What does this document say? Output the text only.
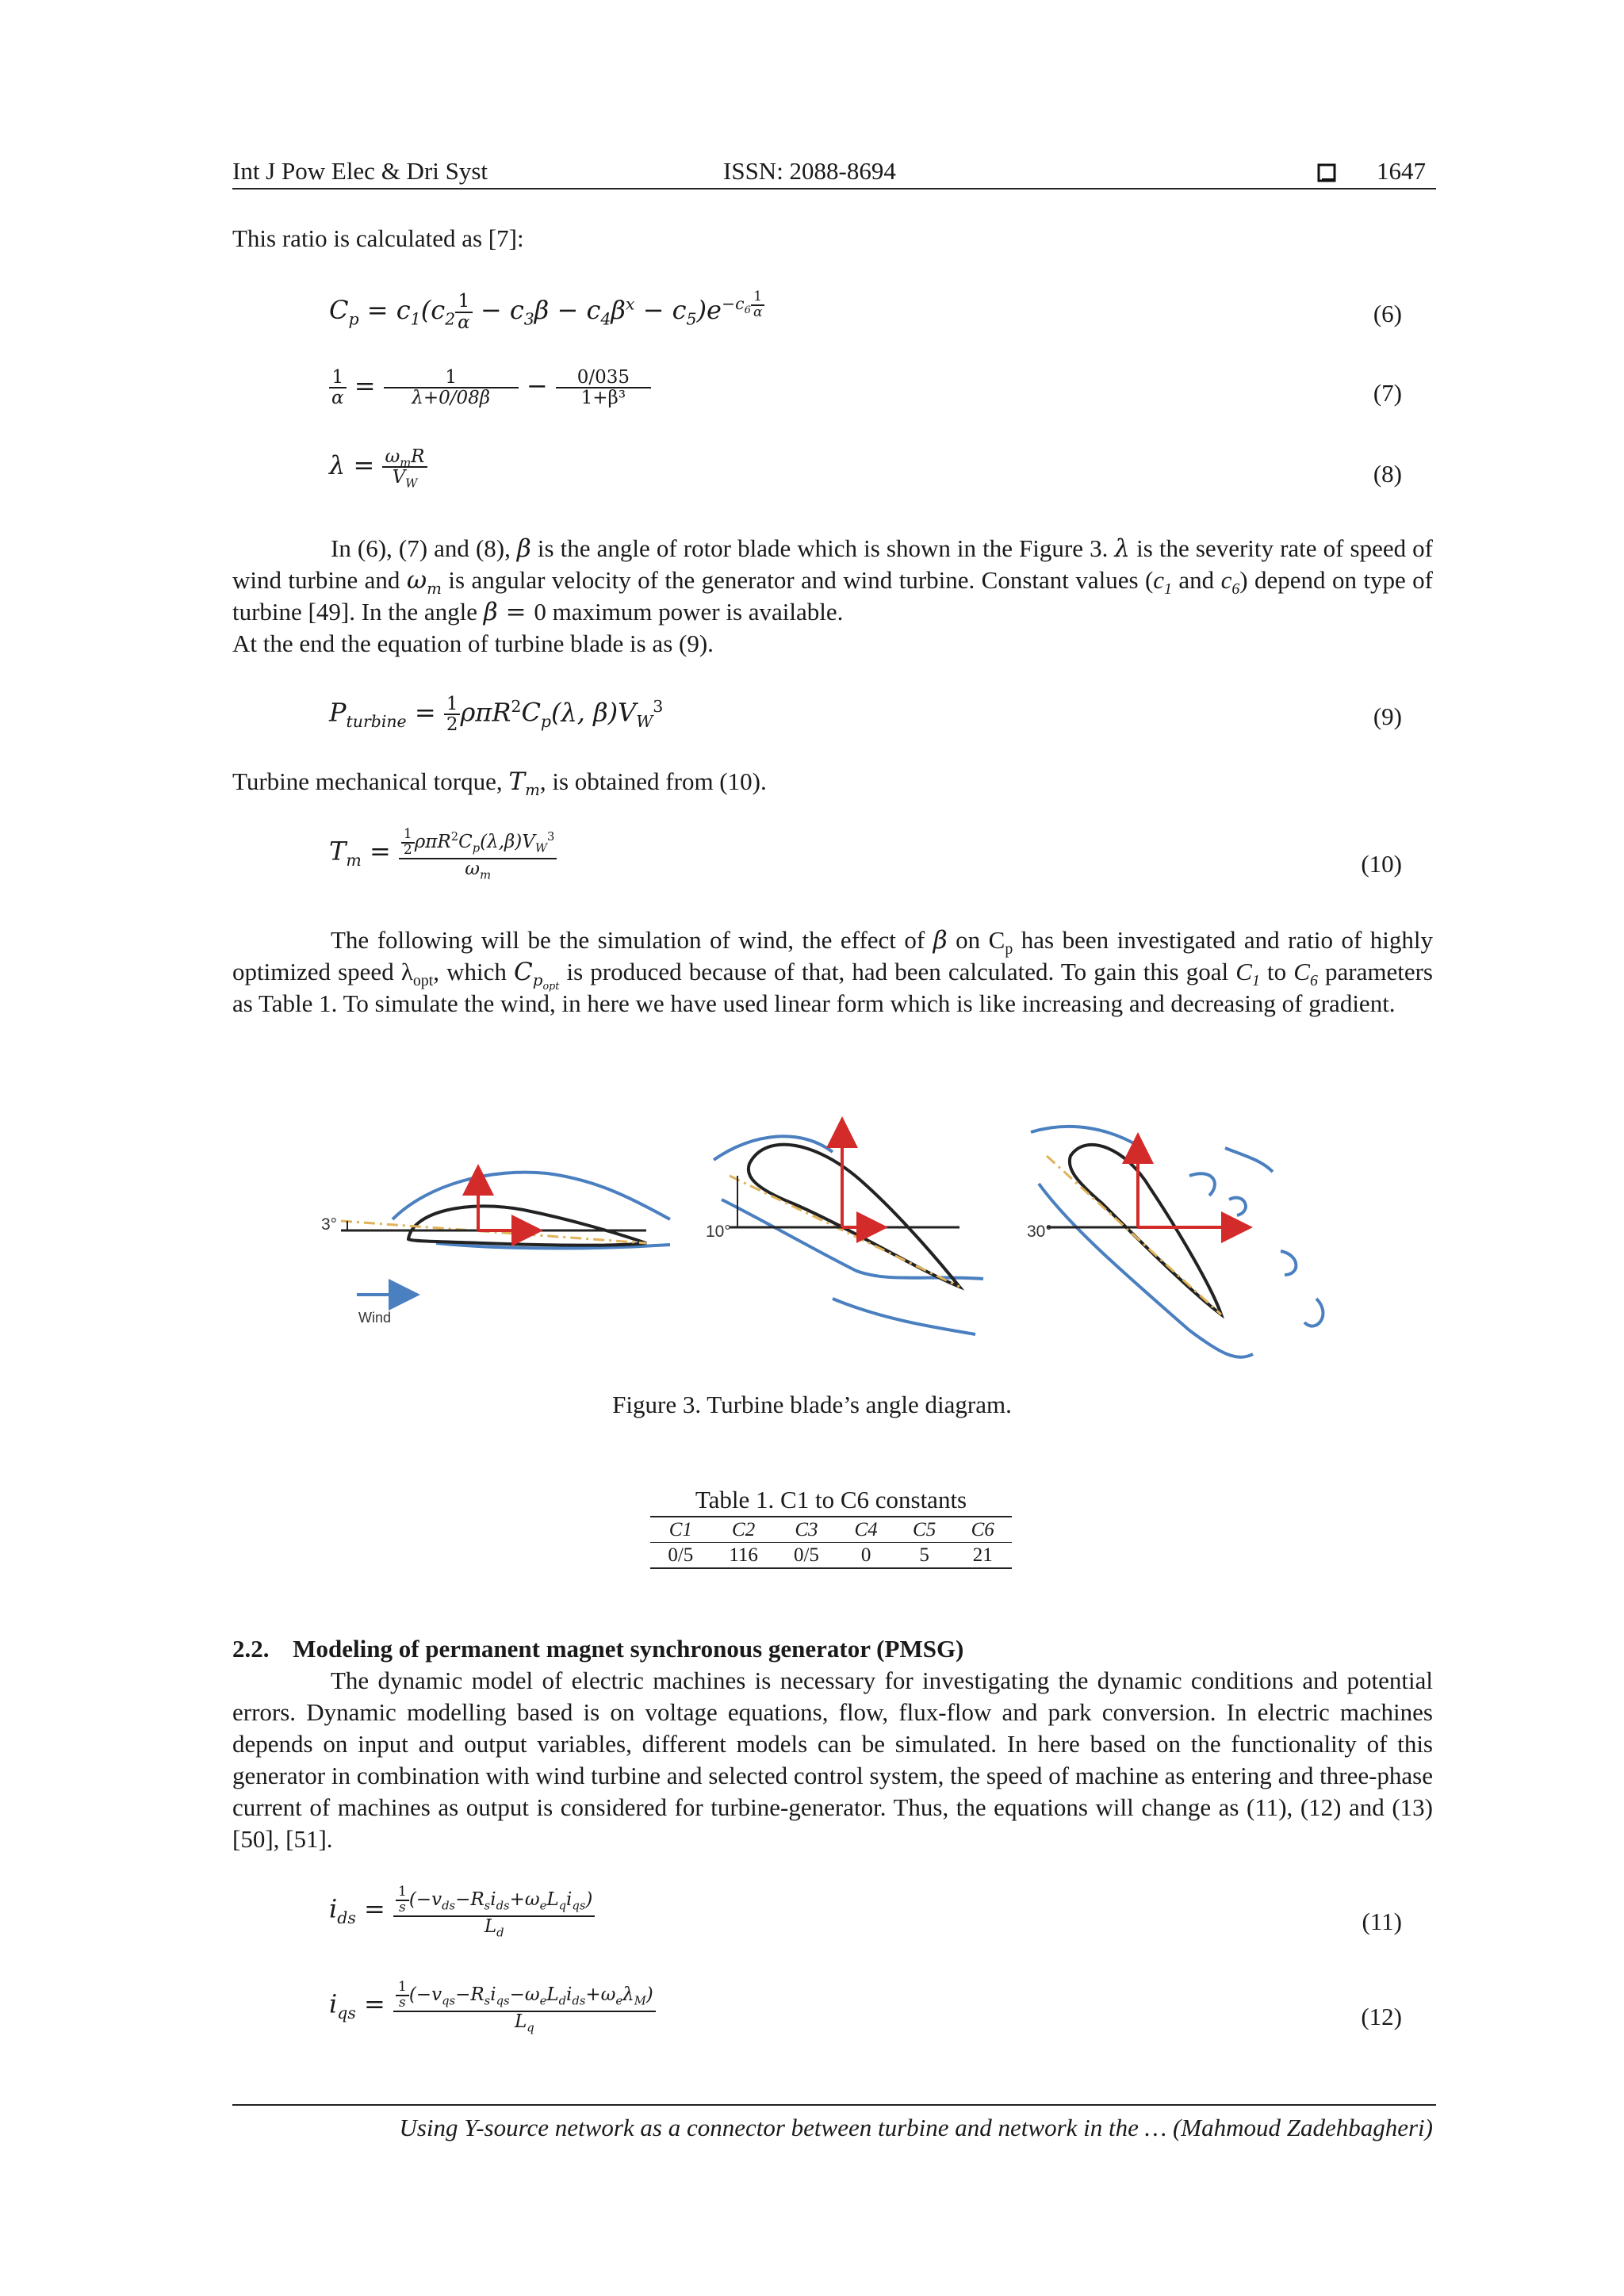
Int J Pow Elec & Dri Syst	ISSN: 2088-8694	1647
This ratio is calculated as [7]:
$C_p = c_1(c_2 \frac{1}{\alpha} - c_3\beta - c_4\beta^x - c_5)e^{-c_6 \frac{1}{\alpha}}$	(6)
$\frac{1}{\alpha} = \frac{1}{\lambda+0/08\beta} - \frac{0/035}{\text{1+β³}}$	(7)
$\lambda = \frac{\omega_mR}{V_W}$	(8)
In (6), (7) and (8), β is the angle of rotor blade which is shown in the Figure 3. λ is the severity rate of speed of wind turbine and $\omega_m$ is angular velocity of the generator and wind turbine. Constant values ($c_1$ and $c_6$) depend on type of turbine [49]. In the angle β = 0 maximum power is available.
At the end the equation of turbine blade is as (9).
$P_{turbine} = \frac{1}{2} \rho\pi R^2C_p(\lambda$, $\beta)V_W^3$	(9)
Turbine mechanical torque, $T_m$, is obtained from (10).
$T_m = \frac{\frac{1}{2} \rho\pi R^2C_p(\lambda,\beta)V_W^3}{\omega_m}$	(10)
The following will be the simulation of wind, the effect of β on $C_p$ has been investigated and ratio of highly optimized speed $\lambda_{opt}$, which $C_{p_{opt}}$ is produced because of that, had been calculated. To gain this goal $C_1$ to $C_6$ parameters as Table 1. To simulate the wind, in here we have used linear form which is like increasing and decreasing of gradient.
3°	10°	30°
Wind
Figure 3. Turbine blade’s angle diagram.
Table 1. C1 to C6 constants
C1	C2	C3	C4	C5	C6
0/5	116	0/5	0	5	21
2.2. Modeling of permanent magnet synchronous generator (PMSG)
The dynamic model of electric machines is necessary for investigating the dynamic conditions and potential errors. Dynamic modelling based is on voltage equations, flow, flux-flow and park conversion. In electric machines depends on input and output variables, different models can be simulated. In here based on the functionality of this generator in combination with wind turbine and selected control system, the speed of machine as entering and three-phase current of machines as output is considered for turbine-generator. Thus, the equations will change as (11), (12) and (13) [50], [51].
$i_{ds} = \frac{\frac{1}{s} (-v_{ds}-R_si_{ds}+\omega_eL_qi_{qs})}{L_d}$	(11)
$i_{qs} = \frac{\frac{1}{s} (-v_{qs}-R_si_{qs}-\omega_eL_di_{ds}+\omega_e\lambda_M)}{L_q}$	(12)
Using Y-source network as a connector between turbine and network in the … (Mahmoud Zadehbagheri)
